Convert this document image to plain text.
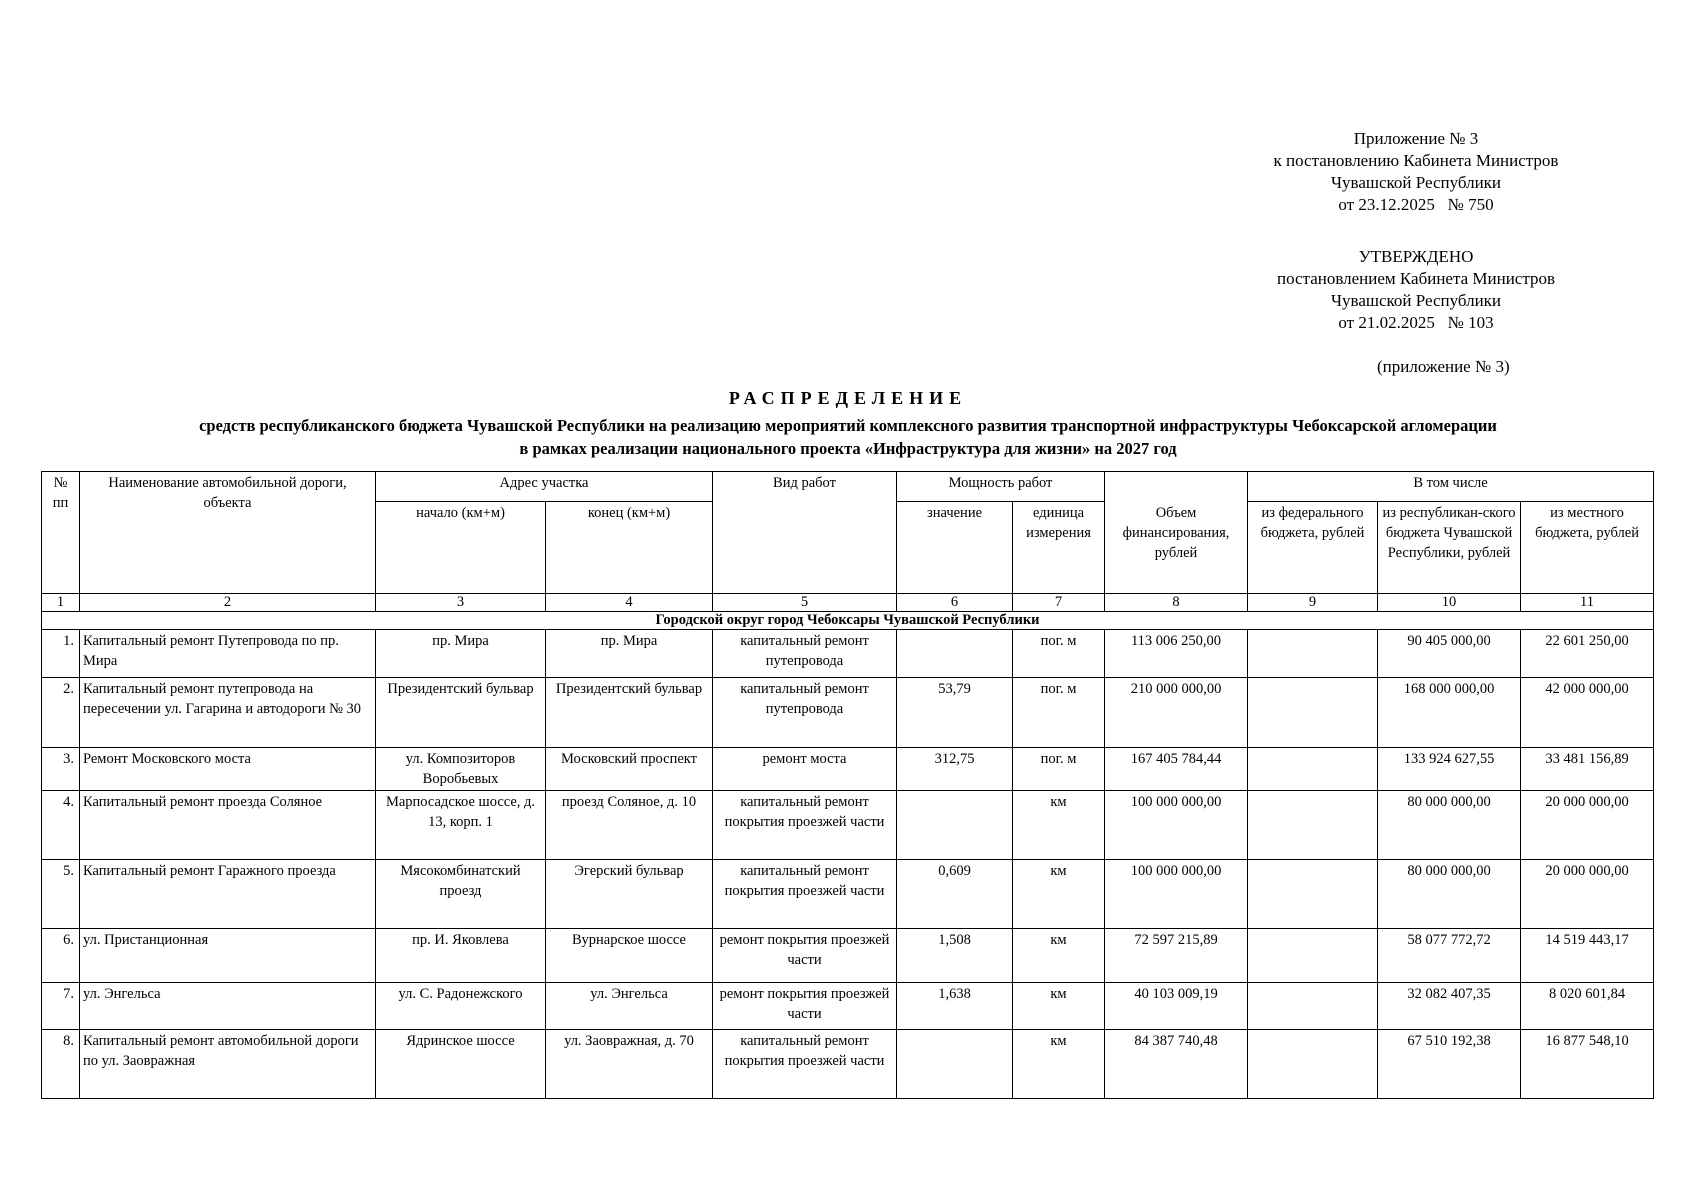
Приложение № 3
к постановлению Кабинета Министров
Чувашской Республики
от 23.12.2025   № 750
УТВЕРЖДЕНО
постановлением Кабинета Министров
Чувашской Республики
от 21.02.2025   № 103
(приложение № 3)
РАСПРЕДЕЛЕНИЕ
средств республиканского бюджета Чувашской Республики на реализацию мероприятий комплексного развития транспортной инфраструктуры Чебоксарской агломерации
в рамках реализации национального проекта «Инфраструктура для жизни» на 2027 год
№ пп	Наименование автомобильной дороги, объекта	Адрес участка		Вид работ	Мощность работ		Объем финансирования, рублей	В том числе		
		начало (км+м)	конец (км+м)		значение	единица измерения		из федерального бюджета, рублей	из республикан-ского бюджета Чувашской Республики, рублей	из местного бюджета, рублей
1	2	3	4	5	6	7	8	9	10	11
Городской округ город Чебоксары Чувашской Республики										
1.	Капитальный ремонт Путепровода по пр. Мира	пр. Мира	пр. Мира	капитальный ремонт путепровода		пог. м	113 006 250,00		90 405 000,00	22 601 250,00
2.	Капитальный ремонт путепровода на пересечении ул. Гагарина и автодороги № 30	Президентский бульвар	Президентский бульвар	капитальный ремонт путепровода	53,79	пог. м	210 000 000,00		168 000 000,00	42 000 000,00
3.	Ремонт Московского моста	ул. Композиторов Воробьевых	Московский проспект	ремонт моста	312,75	пог. м	167 405 784,44		133 924 627,55	33 481 156,89
4.	Капитальный ремонт проезда Соляное	Марпосадское шоссе, д. 13, корп. 1	проезд Соляное, д. 10	капитальный ремонт покрытия проезжей части		км	100 000 000,00		80 000 000,00	20 000 000,00
5.	Капитальный ремонт Гаражного проезда	Мясокомбинатский проезд	Эгерский бульвар	капитальный ремонт покрытия проезжей части	0,609	км	100 000 000,00		80 000 000,00	20 000 000,00
6.	ул. Пристанционная	пр. И. Яковлева	Вурнарское шоссе	ремонт покрытия проезжей части	1,508	км	72 597 215,89		58 077 772,72	14 519 443,17
7.	ул. Энгельса	ул. С. Радонежского	ул. Энгельса	ремонт покрытия проезжей части	1,638	км	40 103 009,19		32 082 407,35	8 020 601,84
8.	Капитальный ремонт автомобильной дороги по ул. Заовражная	Ядринское шоссе	ул. Заовражная, д. 70	капитальный ремонт покрытия проезжей части		км	84 387 740,48		67 510 192,38	16 877 548,10
